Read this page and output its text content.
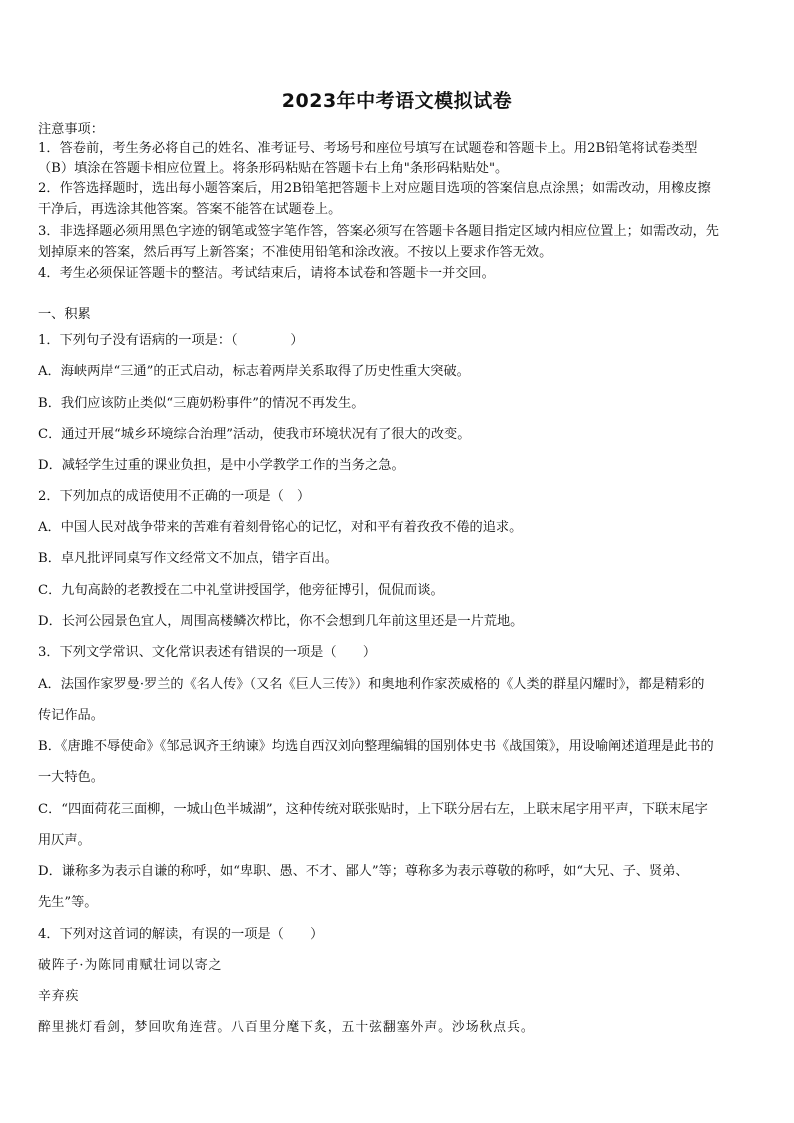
2023年中考语文模拟试卷
注意事项：
1．答卷前，考生务必将自己的姓名、准考证号、考场号和座位号填写在试题卷和答题卡上。用2B铅笔将试卷类型
（B）填涂在答题卡相应位置上。将条形码粘贴在答题卡右上角"条形码粘贴处"。
2．作答选择题时，选出每小题答案后，用2B铅笔把答题卡上对应题目选项的答案信息点涂黑；如需改动，用橡皮擦
干净后，再选涂其他答案。答案不能答在试题卷上。
3．非选择题必须用黑色字迹的钢笔或签字笔作答，答案必须写在答题卡各题目指定区域内相应位置上；如需改动，先
划掉原来的答案，然后再写上新答案；不准使用铅笔和涂改液。不按以上要求作答无效。
4．考生必须保证答题卡的整洁。考试结束后，请将本试卷和答题卡一并交回。
一、积累
1．下列句子没有语病的一项是：（　　　　）
A．海峡两岸“三通”的正式启动，标志着两岸关系取得了历史性重大突破。
B．我们应该防止类似“三鹿奶粉事件”的情况不再发生。
C．通过开展“城乡环境综合治理”活动，使我市环境状况有了很大的改变。
D．减轻学生过重的课业负担，是中小学教学工作的当务之急。
2．下列加点的成语使用不正确的一项是（　）
A．中国人民对战争带来的苦难有着刻骨铭心的记忆，对和平有着孜孜不倦的追求。
B．卓凡批评同桌写作文经常文不加点，错字百出。
C．九旬高龄的老教授在二中礼堂讲授国学，他旁征博引，侃侃而谈。
D．长河公园景色宜人，周围高楼鳞次栉比，你不会想到几年前这里还是一片荒地。
3．下列文学常识、文化常识表述有错误的一项是（　　）
A．法国作家罗曼·罗兰的《名人传》（又名《巨人三传》）和奥地利作家茨威格的《人类的群星闪耀时》，都是精彩的
传记作品。
B．《唐雎不辱使命》《邹忌讽齐王纳谏》均选自西汉刘向整理编辑的国别体史书《战国策》，用设喻阐述道理是此书的
一大特色。
C．“四面荷花三面柳，一城山色半城湖”，这种传统对联张贴时，上下联分居右左，上联末尾字用平声，下联末尾字
用仄声。
D．谦称多为表示自谦的称呼，如“卑职、愚、不才、鄙人”等；尊称多为表示尊敬的称呼，如“大兄、子、贤弟、
先生”等。
4．下列对这首词的解读，有误的一项是（　　）
破阵子·为陈同甫赋壮词以寄之
辛弃疾
醉里挑灯看剑，梦回吹角连营。八百里分麾下炙，五十弦翻塞外声。沙场秋点兵。
